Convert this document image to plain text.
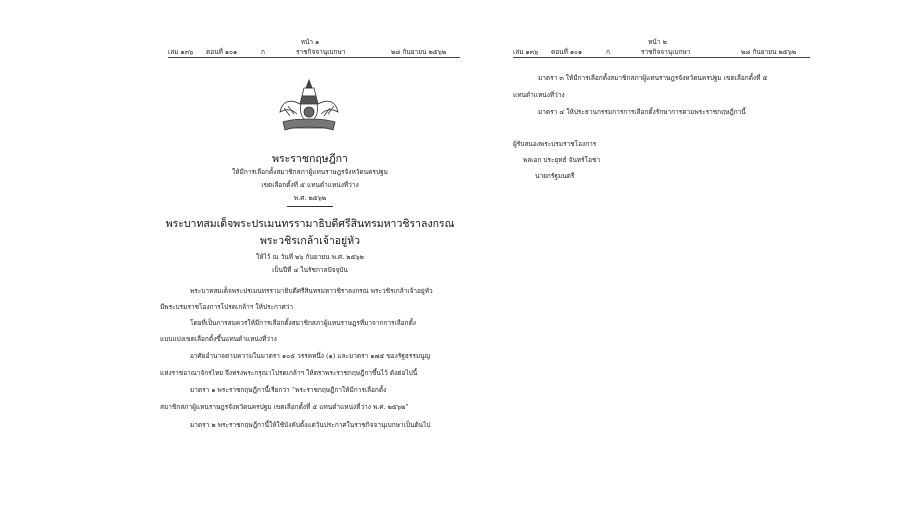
หน้า ๑
เล่ม ๑๓๖ ตอนที่ ๑๐๑	ก	ราชกิจจานุเบกษา	๒๘ กันยายน ๒๕๖๒
พระราชกฤษฎีกา
ให้มีการเลือกตั้งสมาชิกสภาผู้แทนราษฎรจังหวัดนครปฐม
เขตเลือกตั้งที่ ๕ แทนตำแหน่งที่ว่าง
พ.ศ. ๒๕๖๒
พระบาทสมเด็จพระปรเมนทรรามาธิบดีศรีสินทรมหาวชิราลงกรณ
พระวชิรเกล้าเจ้าอยู่หัว
ให้ไว้ ณ วันที่ ๒๖ กันยายน พ.ศ. ๒๕๖๒
เป็นปีที่ ๔ ในรัชกาลปัจจุบัน
พระบาทสมเด็จพระปรเมนทรรามาธิบดีศรีสินทรมหาวชิราลงกรณ พระวชิรเกล้าเจ้าอยู่หัว
มีพระบรมราชโองการโปรดเกล้าฯ ให้ประกาศว่า
โดยที่เป็นการสมควรให้มีการเลือกตั้งสมาชิกสภาผู้แทนราษฎรที่มาจากการเลือกตั้ง
แบบแบ่งเขตเลือกตั้งขึ้นแทนตำแหน่งที่ว่าง
อาศัยอำนาจตามความในมาตรา ๑๐๕ วรรคหนึ่ง (๑) และมาตรา ๑๗๕ ของรัฐธรรมนูญ
แห่งราชอาณาจักรไทย จึงทรงพระกรุณาโปรดเกล้าฯ ให้ตราพระราชกฤษฎีกาขึ้นไว้ ดังต่อไปนี้
มาตรา ๑ พระราชกฤษฎีกานี้เรียกว่า “พระราชกฤษฎีกาให้มีการเลือกตั้ง
สมาชิกสภาผู้แทนราษฎรจังหวัดนครปฐม เขตเลือกตั้งที่ ๕ แทนตำแหน่งที่ว่าง พ.ศ. ๒๕๖๒”
มาตรา ๒ พระราชกฤษฎีกานี้ให้ใช้บังคับตั้งแต่วันประกาศในราชกิจจานุเบกษาเป็นต้นไป
หน้า ๒
เล่ม ๑๓๖ ตอนที่ ๑๐๑	ก	ราชกิจจานุเบกษา	๒๘ กันยายน ๒๕๖๒
มาตรา ๓ ให้มีการเลือกตั้งสมาชิกสภาผู้แทนราษฎรจังหวัดนครปฐม เขตเลือกตั้งที่ ๕
แทนตำแหน่งที่ว่าง
มาตรา ๔ ให้ประธานกรรมการการเลือกตั้งรักษาการตามพระราชกฤษฎีกานี้
ผู้รับสนองพระบรมราชโองการ
พลเอก ประยุทธ์ จันทร์โอชา
นายกรัฐมนตรี
